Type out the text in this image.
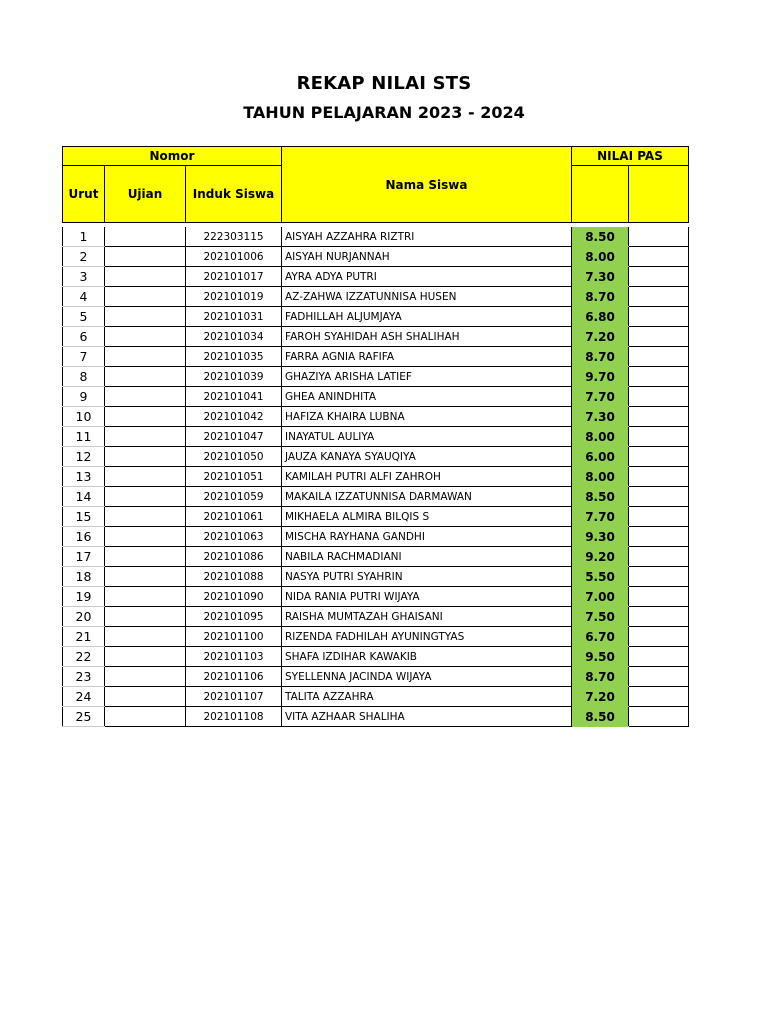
REKAP NILAI STS
TAHUN PELAJARAN 2023 - 2024
Nomor			Nama Siswa	NILAI PAS	
Urut	Ujian	Induk Siswa			

1		222303115	AISYAH AZZAHRA RIZTRI	8.50	
2		202101006	AISYAH NURJANNAH	8.00	
3		202101017	AYRA ADYA PUTRI	7.30	
4		202101019	AZ-ZAHWA IZZATUNNISA HUSEN	8.70	
5		202101031	FADHILLAH ALJUMJAYA	6.80	
6		202101034	FAROH SYAHIDAH ASH SHALIHAH	7.20	
7		202101035	FARRA AGNIA RAFIFA	8.70	
8		202101039	GHAZIYA ARISHA LATIEF	9.70	
9		202101041	GHEA ANINDHITA	7.70	
10		202101042	HAFIZA KHAIRA LUBNA	7.30	
11		202101047	INAYATUL AULIYA	8.00	
12		202101050	JAUZA KANAYA SYAUQIYA	6.00	
13		202101051	KAMILAH PUTRI ALFI ZAHROH	8.00	
14		202101059	MAKAILA IZZATUNNISA DARMAWAN	8.50	
15		202101061	MIKHAELA ALMIRA BILQIS S	7.70	
16		202101063	MISCHA RAYHANA GANDHI	9.30	
17		202101086	NABILA RACHMADIANI	9.20	
18		202101088	NASYA PUTRI SYAHRIN	5.50	
19		202101090	NIDA RANIA PUTRI WIJAYA	7.00	
20		202101095	RAISHA MUMTAZAH GHAISANI	7.50	
21		202101100	RIZENDA FADHILAH AYUNINGTYAS	6.70	
22		202101103	SHAFA IZDIHAR KAWAKIB	9.50	
23		202101106	SYELLENNA JACINDA WIJAYA	8.70	
24		202101107	TALITA AZZAHRA	7.20	
25		202101108	VITA AZHAAR SHALIHA	8.50	
